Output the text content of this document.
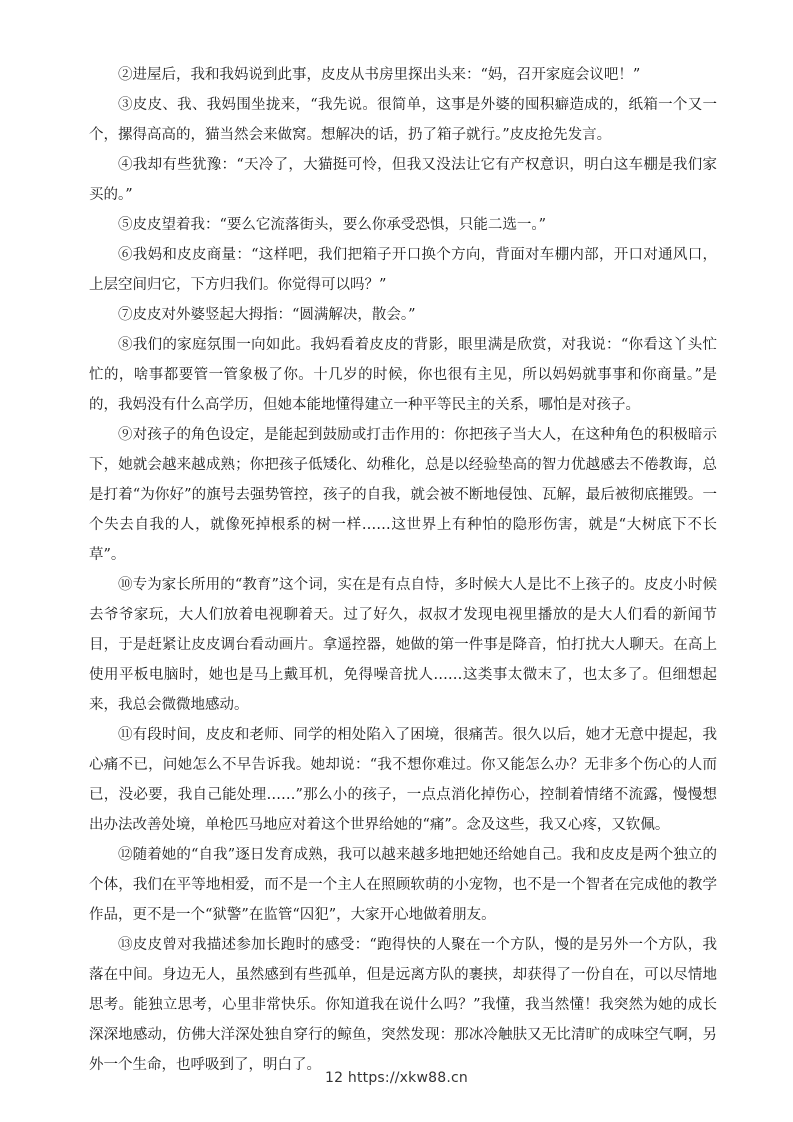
②进屋后，我和我妈说到此事，皮皮从书房里探出头来：“妈，召开家庭会议吧！”

③皮皮、我、我妈围坐拢来，“我先说。很简单，这事是外婆的囤积癖造成的，纸箱一个又一个，摞得高高的，猫当然会来做窝。想解决的话，扔了箱子就行。”皮皮抢先发言。

④我却有些犹豫：“天冷了，大猫挺可怜，但我又没法让它有产权意识，明白这车棚是我们家买的。”

⑤皮皮望着我：“要么它流落街头，要么你承受恐惧，只能二选一。”

⑥我妈和皮皮商量：“这样吧，我们把箱子开口换个方向，背面对车棚内部，开口对通风口，上层空间归它，下方归我们。你觉得可以吗？”

⑦皮皮对外婆竖起大拇指：“圆满解决，散会。”

⑧我们的家庭氛围一向如此。我妈看着皮皮的背影，眼里满是欣赏，对我说：“你看这丫头忙忙的，啥事都要管一管象极了你。十几岁的时候，你也很有主见，所以妈妈就事事和你商量。”是的，我妈没有什么高学历，但她本能地懂得建立一种平等民主的关系，哪怕是对孩子。

⑨对孩子的角色设定，是能起到鼓励或打击作用的：你把孩子当大人，在这种角色的积极暗示下，她就会越来越成熟；你把孩子低矮化、幼稚化，总是以经验垫高的智力优越感去不倦教诲，总是打着“为你好”的旗号去强势管控，孩子的自我，就会被不断地侵蚀、瓦解，最后被彻底摧毁。一个失去自我的人，就像死掉根系的树一样……这世界上有种怕的隐形伤害，就是“大树底下不长草”。

⑩专为家长所用的“教育”这个词，实在是有点自恃，多时候大人是比不上孩子的。皮皮小时候去爷爷家玩，大人们放着电视聊着天。过了好久，叔叔才发现电视里播放的是大人们看的新闻节目，于是赶紧让皮皮调台看动画片。拿遥控器，她做的第一件事是降音，怕打扰大人聊天。在高上使用平板电脑时，她也是马上戴耳机，免得噪音扰人……这类事太微末了，也太多了。但细想起来，我总会微微地感动。

⑪有段时间，皮皮和老师、同学的相处陷入了困境，很痛苦。很久以后，她才无意中提起，我心痛不已，问她怎么不早告诉我。她却说：“我不想你难过。你又能怎么办？无非多个伤心的人而已，没必要，我自己能处理……”那么小的孩子，一点点消化掉伤心，控制着情绪不流露，慢慢想出办法改善处境，单枪匹马地应对着这个世界给她的“痛”。念及这些，我又心疼，又钦佩。

⑫随着她的“自我”逐日发育成熟，我可以越来越多地把她还给她自己。我和皮皮是两个独立的个体，我们在平等地相爱，而不是一个主人在照顾软萌的小宠物，也不是一个智者在完成他的教学作品，更不是一个“狱警”在监管“囚犯”，大家开心地做着朋友。

⑬皮皮曾对我描述参加长跑时的感受：“跑得快的人聚在一个方队，慢的是另外一个方队，我落在中间。身边无人，虽然感到有些孤单，但是远离方队的裹挟，却获得了一份自在，可以尽情地思考。能独立思考，心里非常快乐。你知道我在说什么吗？”我懂，我当然懂！我突然为她的成长深深地感动，仿佛大洋深处独自穿行的鲸鱼，突然发现：那冰冷触肤又无比清旷的成味空气啊，另外一个生命，也呼吸到了，明白了。

12 https://xkw88.cn
